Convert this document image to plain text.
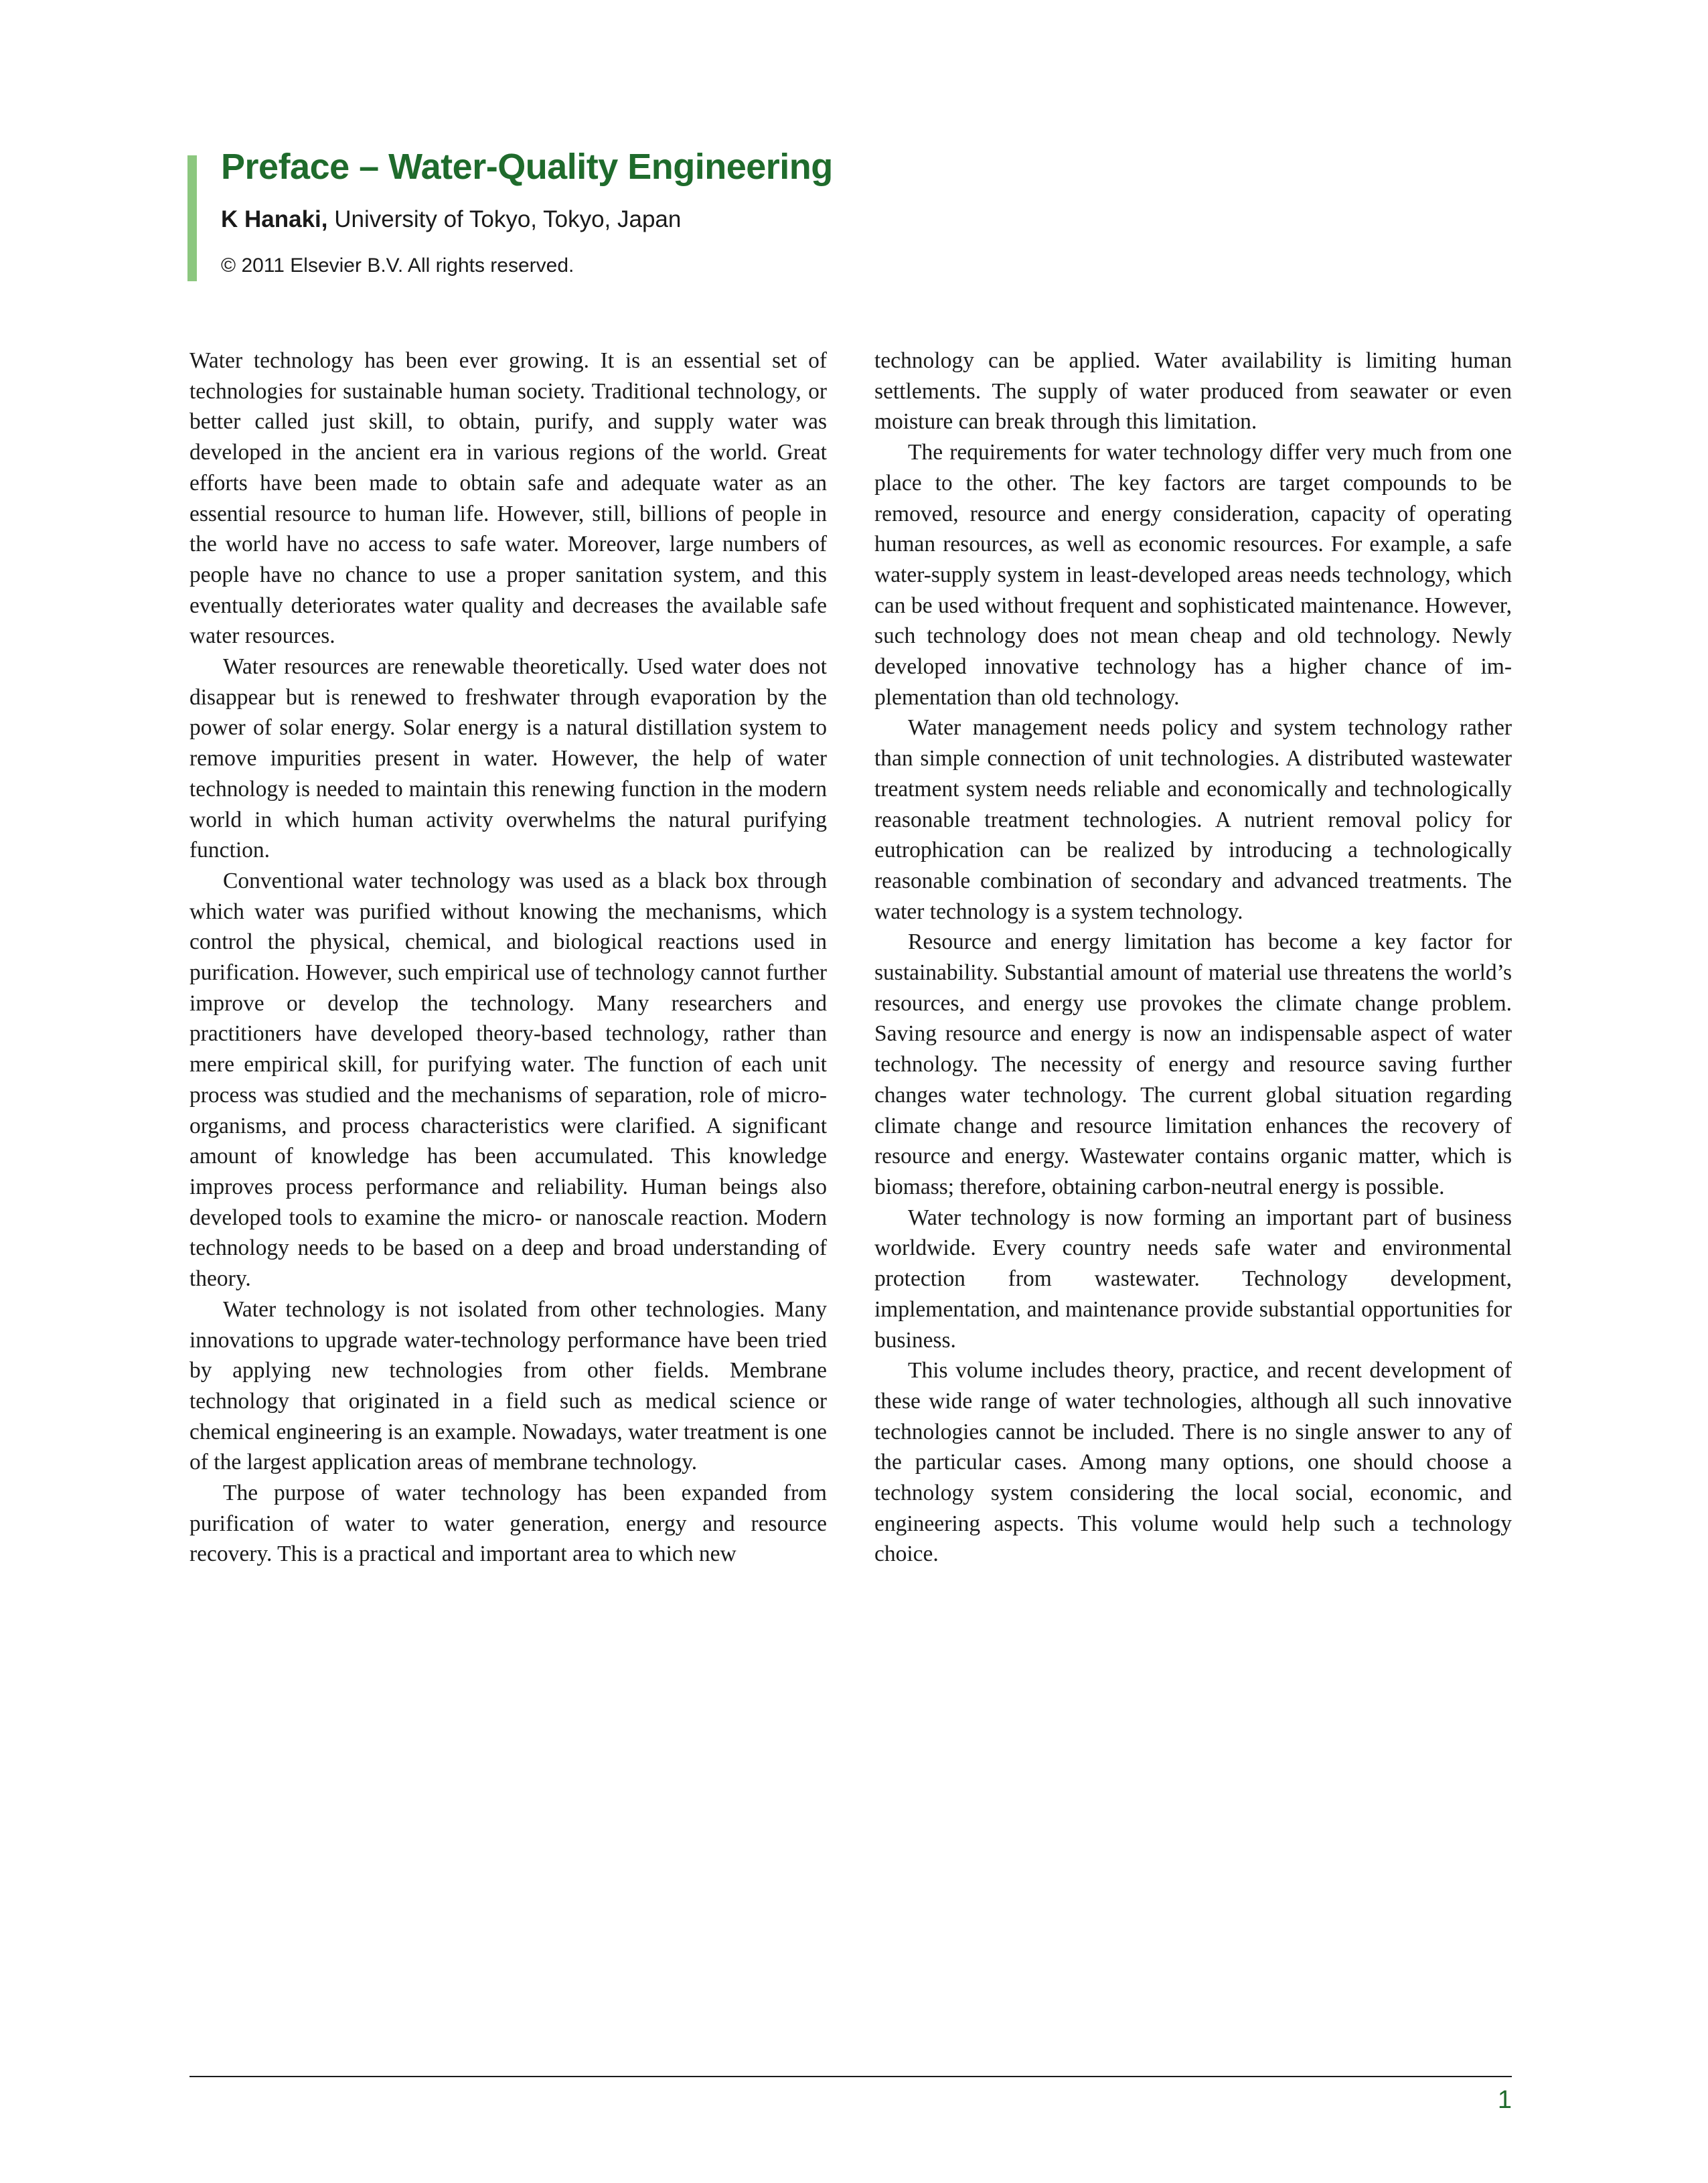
Preface – Water-Quality Engineering
K Hanaki, University of Tokyo, Tokyo, Japan
© 2011 Elsevier B.V. All rights reserved.

Water technology has been ever growing. It is an essential set of technologies for sustainable human society. Traditional technology, or better called just skill, to obtain, purify, and supply water was developed in the ancient era in various regions of the world. Great efforts have been made to obtain safe and adequate water as an essential resource to human life. However, still, billions of people in the world have no access to safe water. Moreover, large numbers of people have no chance to use a proper sanitation system, and this eventually deteriorates water quality and decreases the available safe water resources.

Water resources are renewable theoretically. Used water does not disappear but is renewed to freshwater through evaporation by the power of solar energy. Solar energy is a natural distillation system to remove impurities present in water. However, the help of water technology is needed to maintain this renewing function in the modern world in which human activity overwhelms the natural purifying function.

Conventional water technology was used as a black box through which water was purified without knowing the mechanisms, which control the physical, chemical, and biological reactions used in purification. However, such empirical use of technology cannot further improve or develop the technology. Many researchers and practitioners have developed theory-based technology, rather than mere empirical skill, for purifying water. The function of each unit process was studied and the mechanisms of separation, role of microorganisms, and process characteristics were clarified. A significant amount of knowledge has been accumulated. This knowledge improves process performance and reliability. Human beings also developed tools to examine the micro- or nanoscale reaction. Modern technology needs to be based on a deep and broad understanding of theory.

Water technology is not isolated from other technologies. Many innovations to upgrade water-technology performance have been tried by applying new technologies from other fields. Membrane technology that originated in a field such as medical science or chemical engineering is an example. Nowadays, water treatment is one of the largest application areas of membrane technology.

The purpose of water technology has been expanded from purification of water to water generation, energy and resource recovery. This is a practical and important area to which new

technology can be applied. Water availability is limiting human settlements. The supply of water produced from seawater or even moisture can break through this limitation.

The requirements for water technology differ very much from one place to the other. The key factors are target compounds to be removed, resource and energy consideration, capacity of operating human resources, as well as economic resources. For example, a safe water-supply system in least-developed areas needs technology, which can be used without frequent and sophisticated maintenance. However, such technology does not mean cheap and old technology. Newly developed innovative technology has a higher chance of implementation than old technology.

Water management needs policy and system technology rather than simple connection of unit technologies. A distributed wastewater treatment system needs reliable and economically and technologically reasonable treatment technologies. A nutrient removal policy for eutrophication can be realized by introducing a technologically reasonable combination of secondary and advanced treatments. The water technology is a system technology.

Resource and energy limitation has become a key factor for sustainability. Substantial amount of material use threatens the world’s resources, and energy use provokes the climate change problem. Saving resource and energy is now an indispensable aspect of water technology. The necessity of energy and resource saving further changes water technology. The current global situation regarding climate change and resource limitation enhances the recovery of resource and energy. Wastewater contains organic matter, which is biomass; therefore, obtaining carbon-neutral energy is possible.

Water technology is now forming an important part of business worldwide. Every country needs safe water and environmental protection from wastewater. Technology development, implementation, and maintenance provide substantial opportunities for business.

This volume includes theory, practice, and recent development of these wide range of water technologies, although all such innovative technologies cannot be included. There is no single answer to any of the particular cases. Among many options, one should choose a technology system considering the local social, economic, and engineering aspects. This volume would help such a technology choice.

1
